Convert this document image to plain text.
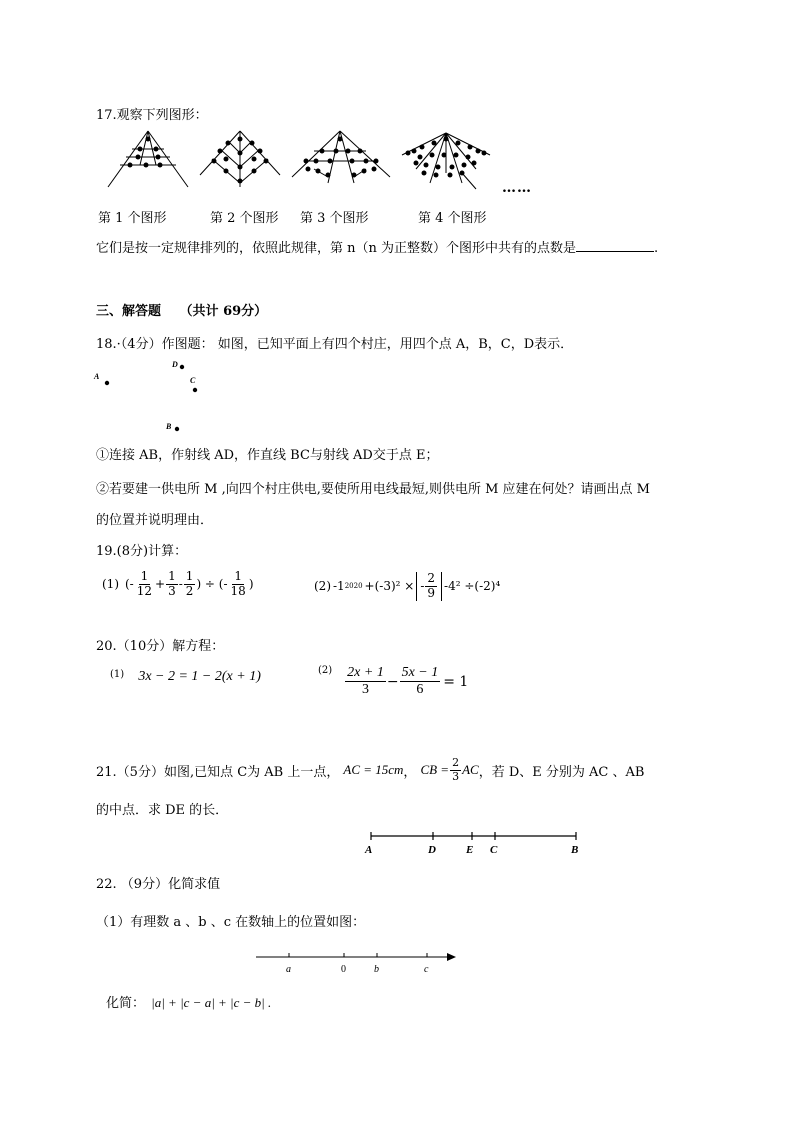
17.观察下列图形：
……
第 1 个图形	第 2 个图形 第 3 个图形	第 4 个图形
它们是按一定规律排列的，依照此规律，第 n（n 为正整数）个图形中共有的点数是	.
三、解答题 （共计 69分）
18.·（4分）作图题： 如图，已知平面上有四个村庄，用四个点 A，B，C，D表示．
A
D
C
B
①连接 AB，作射线 AD，作直线 BC与射线 AD交于点 E；
②若要建一供电所 M ,向四个村庄供电,要使所用电线最短,则供电所 M 应建在何处？请画出点 M
的位置并说明理由．
19.(8分)计算：
(1) (- $\frac{1}{12} + \frac{1}{3} - \frac{1}{2}$ ) ÷ (- $\frac{1}{18}$ )	(2) -1 2020 +(-3)² × - $\frac{2}{9} -4^2 \div(-2)^4$
20.（10分）解方程：
$^{(1)}$ 3x − 2 = 1 − 2(x + 1)	$(2) \frac{2x + 1}{3} - \frac{5x - 1}{6} = 1$
21.（5分）如图,已知点 C为 AB 上一点， AC = 15cm ， CB = $\frac{2}{3}$ AC ，若 D、E 分别为 AC 、AB
的中点．求 DE 的长．
A	D	E C	B
22. （9分）化简求值
（1）有理数 a 、b 、c 在数轴上的位置如图：
a	0	b	c
化简： |a| + |c − a| + |c − b| .
